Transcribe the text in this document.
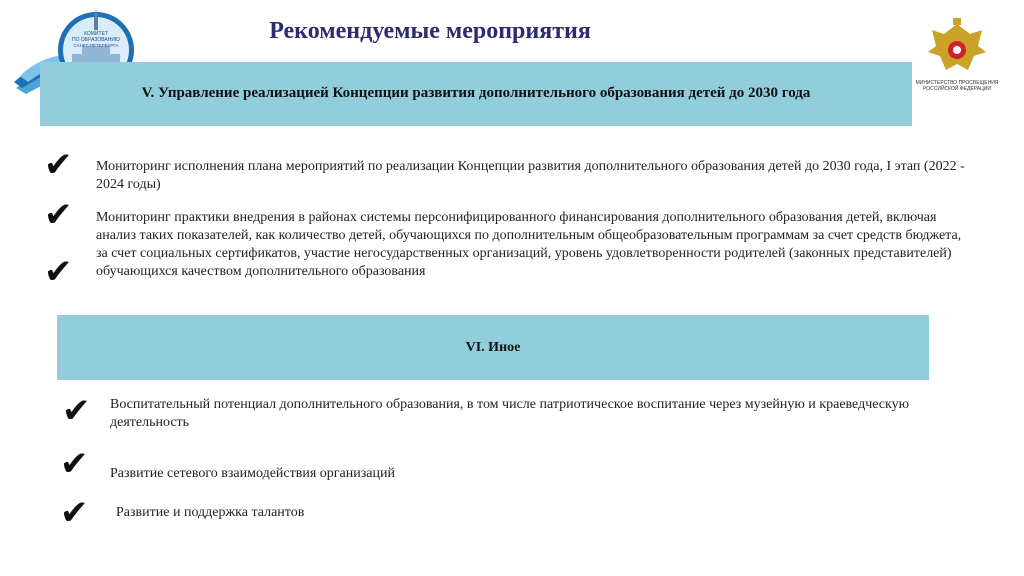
КОМИТЕТ
ПО ОБРАЗОВАНИЮ
САНКТ-ПЕТЕРБУРГА
Рекомендуемые мероприятия
МИНИСТЕРСТВО ПРОСВЕЩЕНИЯ
РОССИЙСКОЙ ФЕДЕРАЦИИ
V. Управление реализацией Концепции развития дополнительного образования детей до 2030 года
✔
✔
✔
Мониторинг исполнения плана мероприятий по реализации Концепции развития дополнительного образования детей до 2030 года, I этап (2022 - 2024 годы)
Мониторинг практики внедрения в районах системы персонифицированного финансирования дополнительного образования детей, включая анализ таких показателей, как количество детей, обучающихся по дополнительным общеобразовательным программам за счет средств бюджета, за счет социальных сертификатов, участие негосударственных организаций, уровень удовлетворенности родителей (законных представителей) обучающихся качеством дополнительного образования
VI. Иное
✔
✔
✔
Воспитательный потенциал дополнительного образования, в том числе патриотическое воспитание через музейную и краеведческую деятельность
Развитие сетевого взаимодействия организаций
Развитие и поддержка талантов
